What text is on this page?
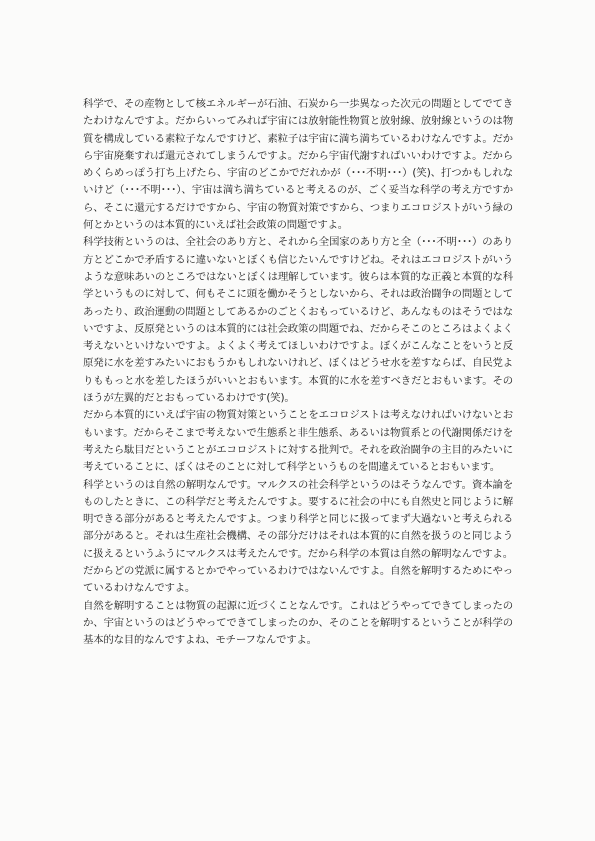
科学で、その産物として核エネルギーが石油、石炭から一歩異なった次元の問題としてでてきたわけなんですよ。だからいってみれば宇宙には放射能性物質と放射線、放射線というのは物質を構成している素粒子なんですけど、素粒子は宇宙に満ち満ちているわけなんですよ。だから宇宙廃棄すれば還元されてしまうんですよ。だから宇宙代謝すればいいわけですよ。だからめくらめっぽう打ち上げたら、宇宙のどこかでだれかが（･･･不明･･･）(笑)、打つかもしれないけど（･･･不明･･･）、宇宙は満ち満ちていると考えるのが、ごく妥当な科学の考え方ですから、そこに還元するだけですから、宇宙の物質対策ですから、つまりエコロジストがいう緑の何とかというのは本質的にいえば社会政策の問題ですよ。

科学技術というのは、全社会のあり方と、それから全国家のあり方と全（･･･不明･･･）のあり方とどこかで矛盾するに違いないとぼくも信じたいんですけどね。それはエコロジストがいうような意味あいのところではないとぼくは理解しています。彼らは本質的な正義と本質的な科学というものに対して、何もそこに頭を働かそうとしないから、それは政治闘争の問題としてあったり、政治運動の問題としてあるかのごとくおもっているけど、あんなものはそうではないですよ、反原発というのは本質的には社会政策の問題でね、だからそこのところはよくよく考えないといけないですよ。よくよく考えてほしいわけですよ。ぼくがこんなことをいうと反原発に水を差すみたいにおもうかもしれないけれど、ぼくはどうせ水を差すならば、自民党よりももっと水を差したほうがいいとおもいます。本質的に水を差すべきだとおもいます。そのほうが左翼的だとおもっているわけです(笑)。

だから本質的にいえば宇宙の物質対策ということをエコロジストは考えなければいけないとおもいます。だからそこまで考えないで生態系と非生態系、あるいは物質系との代謝関係だけを考えたら駄目だということがエコロジストに対する批判で。それを政治闘争の主目的みたいに考えていることに、ぼくはそのことに対して科学というものを間違えているとおもいます。

科学というのは自然の解明なんです。マルクスの社会科学というのはそうなんです。資本論をものしたときに、この科学だと考えたんですよ。要するに社会の中にも自然史と同じように解明できる部分があると考えたんですよ。つまり科学と同じに扱ってまず大過ないと考えられる部分があると。それは生産社会機構、その部分だけはそれは本質的に自然を扱うのと同じように扱えるというふうにマルクスは考えたんです。だから科学の本質は自然の解明なんですよ。だからどの党派に属するとかでやっているわけではないんですよ。自然を解明するためにやっているわけなんですよ。

自然を解明することは物質の起源に近づくことなんです。これはどうやってできてしまったのか、宇宙というのはどうやってできてしまったのか、そのことを解明するということが科学の基本的な目的なんですよね、モチーフなんですよ。
